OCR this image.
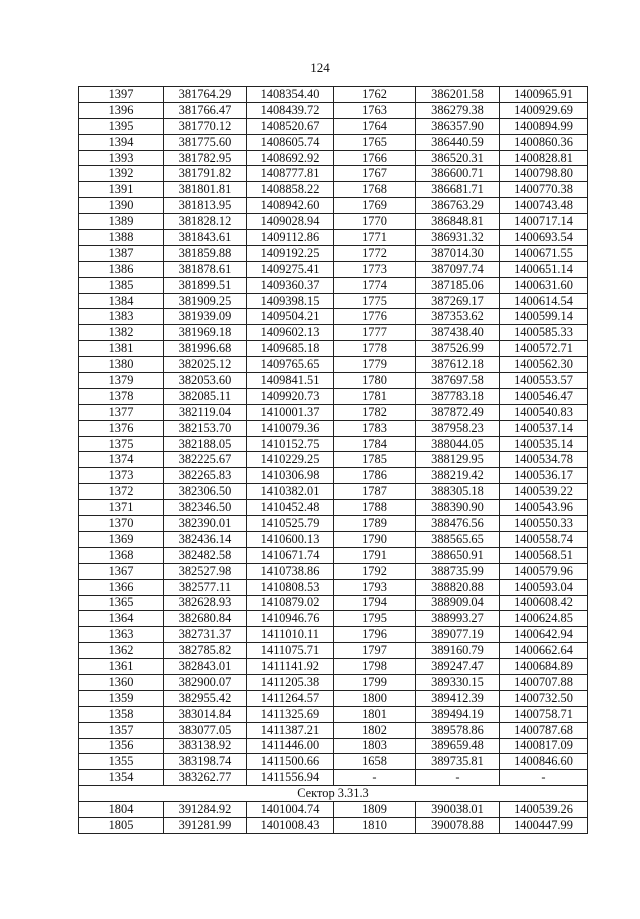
124
1397	381764.29	1408354.40	1762	386201.58	1400965.91
1396	381766.47	1408439.72	1763	386279.38	1400929.69
1395	381770.12	1408520.67	1764	386357.90	1400894.99
1394	381775.60	1408605.74	1765	386440.59	1400860.36
1393	381782.95	1408692.92	1766	386520.31	1400828.81
1392	381791.82	1408777.81	1767	386600.71	1400798.80
1391	381801.81	1408858.22	1768	386681.71	1400770.38
1390	381813.95	1408942.60	1769	386763.29	1400743.48
1389	381828.12	1409028.94	1770	386848.81	1400717.14
1388	381843.61	1409112.86	1771	386931.32	1400693.54
1387	381859.88	1409192.25	1772	387014.30	1400671.55
1386	381878.61	1409275.41	1773	387097.74	1400651.14
1385	381899.51	1409360.37	1774	387185.06	1400631.60
1384	381909.25	1409398.15	1775	387269.17	1400614.54
1383	381939.09	1409504.21	1776	387353.62	1400599.14
1382	381969.18	1409602.13	1777	387438.40	1400585.33
1381	381996.68	1409685.18	1778	387526.99	1400572.71
1380	382025.12	1409765.65	1779	387612.18	1400562.30
1379	382053.60	1409841.51	1780	387697.58	1400553.57
1378	382085.11	1409920.73	1781	387783.18	1400546.47
1377	382119.04	1410001.37	1782	387872.49	1400540.83
1376	382153.70	1410079.36	1783	387958.23	1400537.14
1375	382188.05	1410152.75	1784	388044.05	1400535.14
1374	382225.67	1410229.25	1785	388129.95	1400534.78
1373	382265.83	1410306.98	1786	388219.42	1400536.17
1372	382306.50	1410382.01	1787	388305.18	1400539.22
1371	382346.50	1410452.48	1788	388390.90	1400543.96
1370	382390.01	1410525.79	1789	388476.56	1400550.33
1369	382436.14	1410600.13	1790	388565.65	1400558.74
1368	382482.58	1410671.74	1791	388650.91	1400568.51
1367	382527.98	1410738.86	1792	388735.99	1400579.96
1366	382577.11	1410808.53	1793	388820.88	1400593.04
1365	382628.93	1410879.02	1794	388909.04	1400608.42
1364	382680.84	1410946.76	1795	388993.27	1400624.85
1363	382731.37	1411010.11	1796	389077.19	1400642.94
1362	382785.82	1411075.71	1797	389160.79	1400662.64
1361	382843.01	1411141.92	1798	389247.47	1400684.89
1360	382900.07	1411205.38	1799	389330.15	1400707.88
1359	382955.42	1411264.57	1800	389412.39	1400732.50
1358	383014.84	1411325.69	1801	389494.19	1400758.71
1357	383077.05	1411387.21	1802	389578.86	1400787.68
1356	383138.92	1411446.00	1803	389659.48	1400817.09
1355	383198.74	1411500.66	1658	389735.81	1400846.60
1354	383262.77	1411556.94	-	-	-
Сектор 3.31.3					
1804	391284.92	1401004.74	1809	390038.01	1400539.26
1805	391281.99	1401008.43	1810	390078.88	1400447.99
